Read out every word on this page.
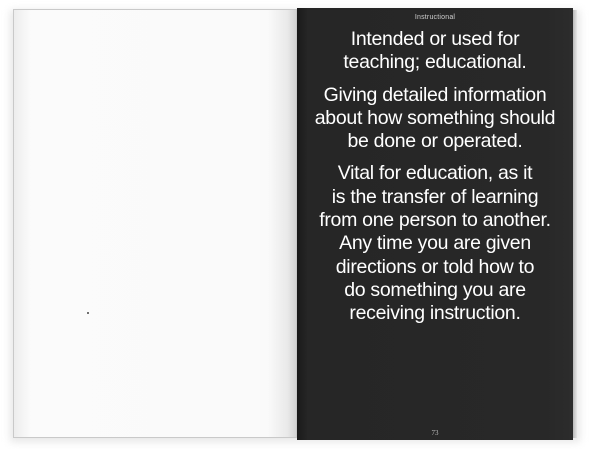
Instructional

Intended or used for
teaching; educational.

Giving detailed information
about how something should
be done or operated.

Vital for education, as it
is the transfer of learning
from one person to another.
Any time you are given
directions or told how to
do something you are
receiving instruction.

73
